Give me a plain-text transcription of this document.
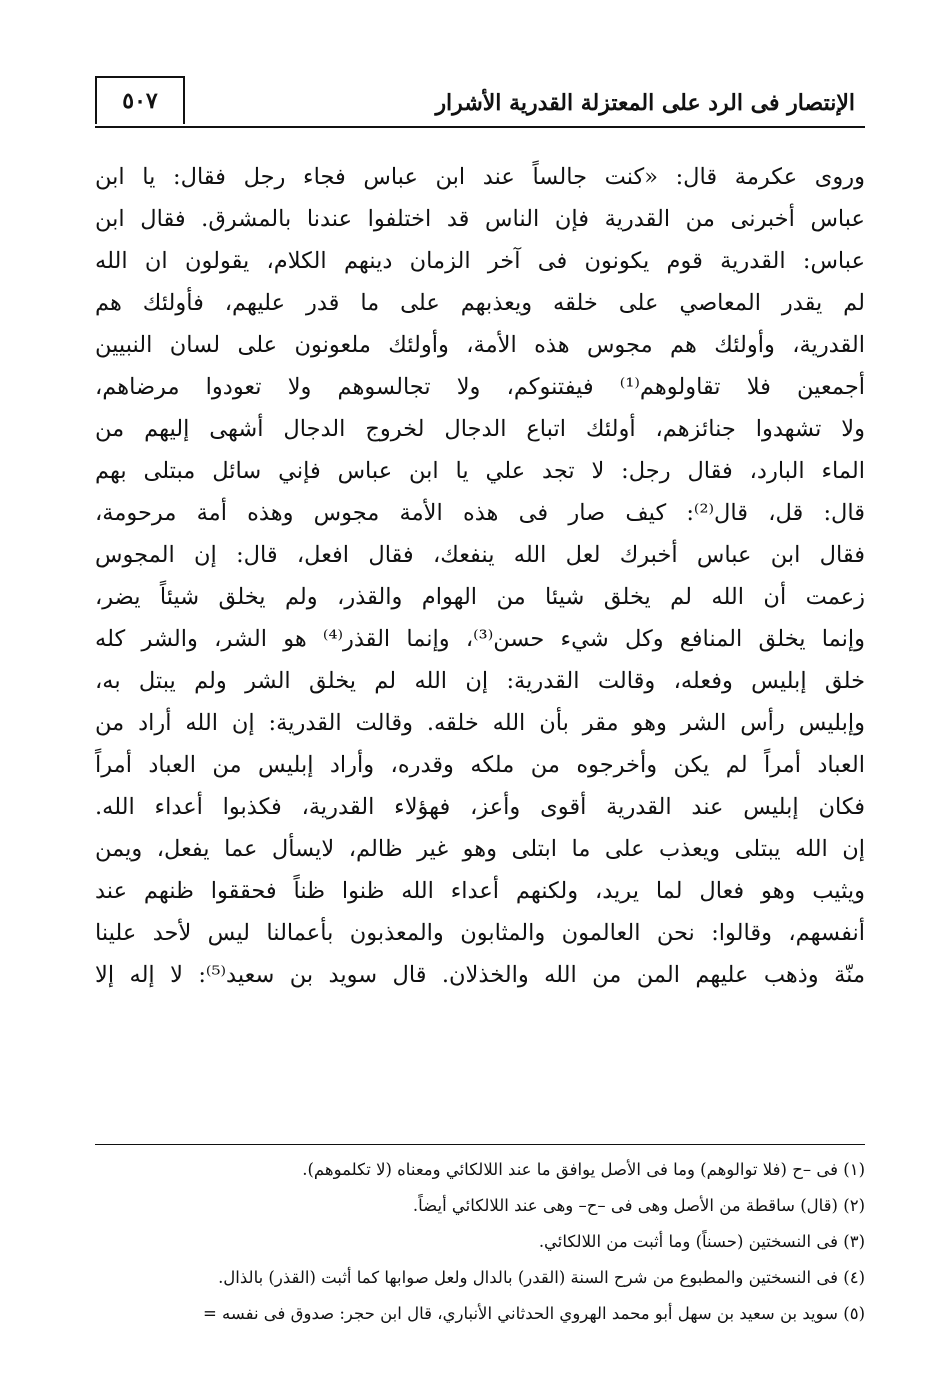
٥٠٧	الإنتصار فى الرد على المعتزلة القدرية الأشرار
وروى عكرمة قال: «كنت جالساً عند ابن عباس فجاء رجل فقال: يا ابن
عباس أخبرنى من القدرية فإن الناس قد اختلفوا عندنا بالمشرق. فقال ابن
عباس: القدرية قوم يكونون فى آخر الزمان دينهم الكلام، يقولون ان الله
لم يقدر المعاصي على خلقه ويعذبهم على ما قدر عليهم، فأولئك هم
القدرية، وأولئك هم مجوس هذه الأمة، وأولئك ملعونون على لسان النبيين
أجمعين فلا تقاولوهم⁽¹⁾ فيفتنوكم، ولا تجالسوهم ولا تعودوا مرضاهم،
ولا تشهدوا جنائزهم، أولئك اتباع الدجال لخروج الدجال أشهى إليهم من
الماء البارد، فقال رجل: لا تجد علي يا ابن عباس فإني سائل مبتلى بهم
قال: قل، قال⁽²⁾: كيف صار فى هذه الأمة مجوس وهذه أمة مرحومة،
فقال ابن عباس أخبرك لعل الله ينفعك، فقال افعل، قال: إن المجوس
زعمت أن الله لم يخلق شيئا من الهوام والقذر، ولم يخلق شيئاً يضر،
وإنما يخلق المنافع وكل شيء حسن⁽³⁾، وإنما القذر⁽⁴⁾ هو الشر، والشر كله
خلق إبليس وفعله، وقالت القدرية: إن الله لم يخلق الشر ولم يبتل به،
وإبليس رأس الشر وهو مقر بأن الله خلقه. وقالت القدرية: إن الله أراد من
العباد أمراً لم يكن وأخرجوه من ملكه وقدره، وأراد إبليس من العباد أمراً
فكان إبليس عند القدرية أقوى وأعز، فهؤلاء القدرية، فكذبوا أعداء الله.
إن الله يبتلى ويعذب على ما ابتلى وهو غير ظالم، لايسأل عما يفعل، ويمن
ويثيب وهو فعال لما يريد، ولكنهم أعداء الله ظنوا ظناً فحققوا ظنهم عند
أنفسهم، وقالوا: نحن العالمون والمثابون والمعذبون بأعمالنا ليس لأحد علينا
منّة وذهب عليهم المن من الله والخذلان. قال سويد بن سعيد⁽⁵⁾: لا إله إلا
(١) فى –ح (فلا توالوهم) وما فى الأصل يوافق ما عند اللالكائي ومعناه (لا تكلموهم).
(٢) (قال) ساقطة من الأصل وهى فى –ح– وهى عند اللالكائي أيضاً.
(٣) فى النسختين (حسناً) وما أثبت من اللالكائي.
(٤) فى النسختين والمطبوع من شرح السنة (القدر) بالدال ولعل صوابها كما أثبت (القذر) بالذال.
(٥) سويد بن سعيد بن سهل أبو محمد الهروي الحدثاني الأنباري، قال ابن حجر: صدوق فى نفسه =
